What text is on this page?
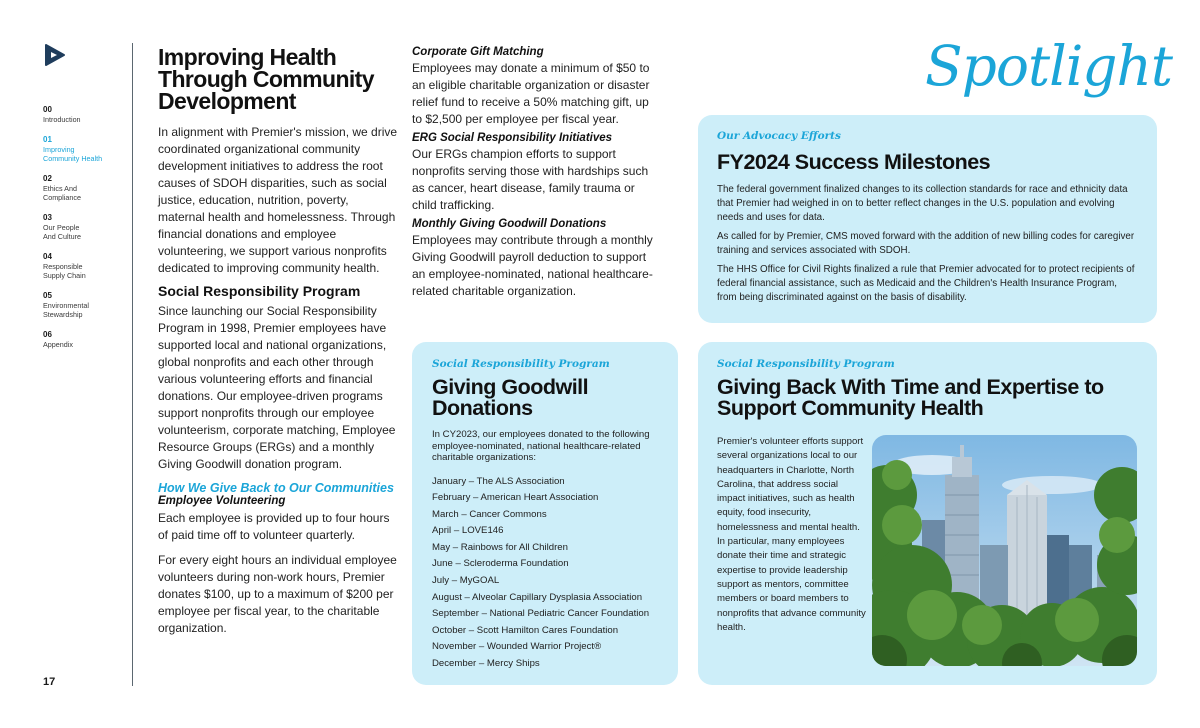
00
Introduction
01
Improving
Community Health
02
Ethics And
Compliance
03
Our People
And Culture
04
Responsible
Supply Chain
05
Environmental
Stewardship
06
Appendix
17
Improving Health Through Community Development

In alignment with Premier's mission, we drive coordinated organizational community development initiatives to address the root causes of SDOH disparities, such as social justice, education, nutrition, poverty, maternal health and homelessness. Through financial donations and employee volunteering, we support various nonprofits dedicated to improving community health.

Social Responsibility Program

Since launching our Social Responsibility Program in 1998, Premier employees have supported local and national organizations, global nonprofits and each other through various volunteering efforts and financial donations. Our employee-driven programs support nonprofits through our employee volunteerism, corporate matching, Employee Resource Groups (ERGs) and a monthly Giving Goodwill donation program.

How We Give Back to Our Communities
Employee Volunteering

Each employee is provided up to four hours of paid time off to volunteer quarterly.

For every eight hours an individual employee volunteers during non-work hours, Premier donates $100, up to a maximum of $200 per employee per fiscal year, to the charitable organization.

Corporate Gift Matching

Employees may donate a minimum of $50 to an eligible charitable organization or disaster relief fund to receive a 50% matching gift, up to $2,500 per employee per fiscal year.

ERG Social Responsibility Initiatives

Our ERGs champion efforts to support nonprofits serving those with hardships such as cancer, heart disease, family trauma or child trafficking.

Monthly Giving Goodwill Donations

Employees may contribute through a monthly Giving Goodwill payroll deduction to support an employee-nominated, national healthcare-related charitable organization.

Spotlight
Our Advocacy Efforts
FY2024 Success Milestones

The federal government finalized changes to its collection standards for race and ethnicity data that Premier had weighed in on to better reflect changes in the U.S. population and evolving needs and uses for data.

As called for by Premier, CMS moved forward with the addition of new billing codes for caregiver training and services associated with SDOH.

The HHS Office for Civil Rights finalized a rule that Premier advocated for to protect recipients of federal financial assistance, such as Medicaid and the Children's Health Insurance Program, from being discriminated against on the basis of disability.

Social Responsibility Program
Giving Goodwill Donations

In CY2023, our employees donated to the following employee-nominated, national healthcare-related charitable organizations:

January – The ALS Association
February – American Heart Association
March – Cancer Commons
April – LOVE146
May – Rainbows for All Children
June – Scleroderma Foundation
July – MyGOAL
August – Alveolar Capillary Dysplasia Association
September – National Pediatric Cancer Foundation
October – Scott Hamilton Cares Foundation
November – Wounded Warrior Project®
December – Mercy Ships
Social Responsibility Program
Giving Back With Time and Expertise to Support Community Health

Premier's volunteer efforts support several organizations local to our headquarters in Charlotte, North Carolina, that address social impact initiatives, such as health equity, food insecurity, homelessness and mental health. In particular, many employees donate their time and strategic expertise to provide leadership support as mentors, committee members or board members to nonprofits that advance community health.
